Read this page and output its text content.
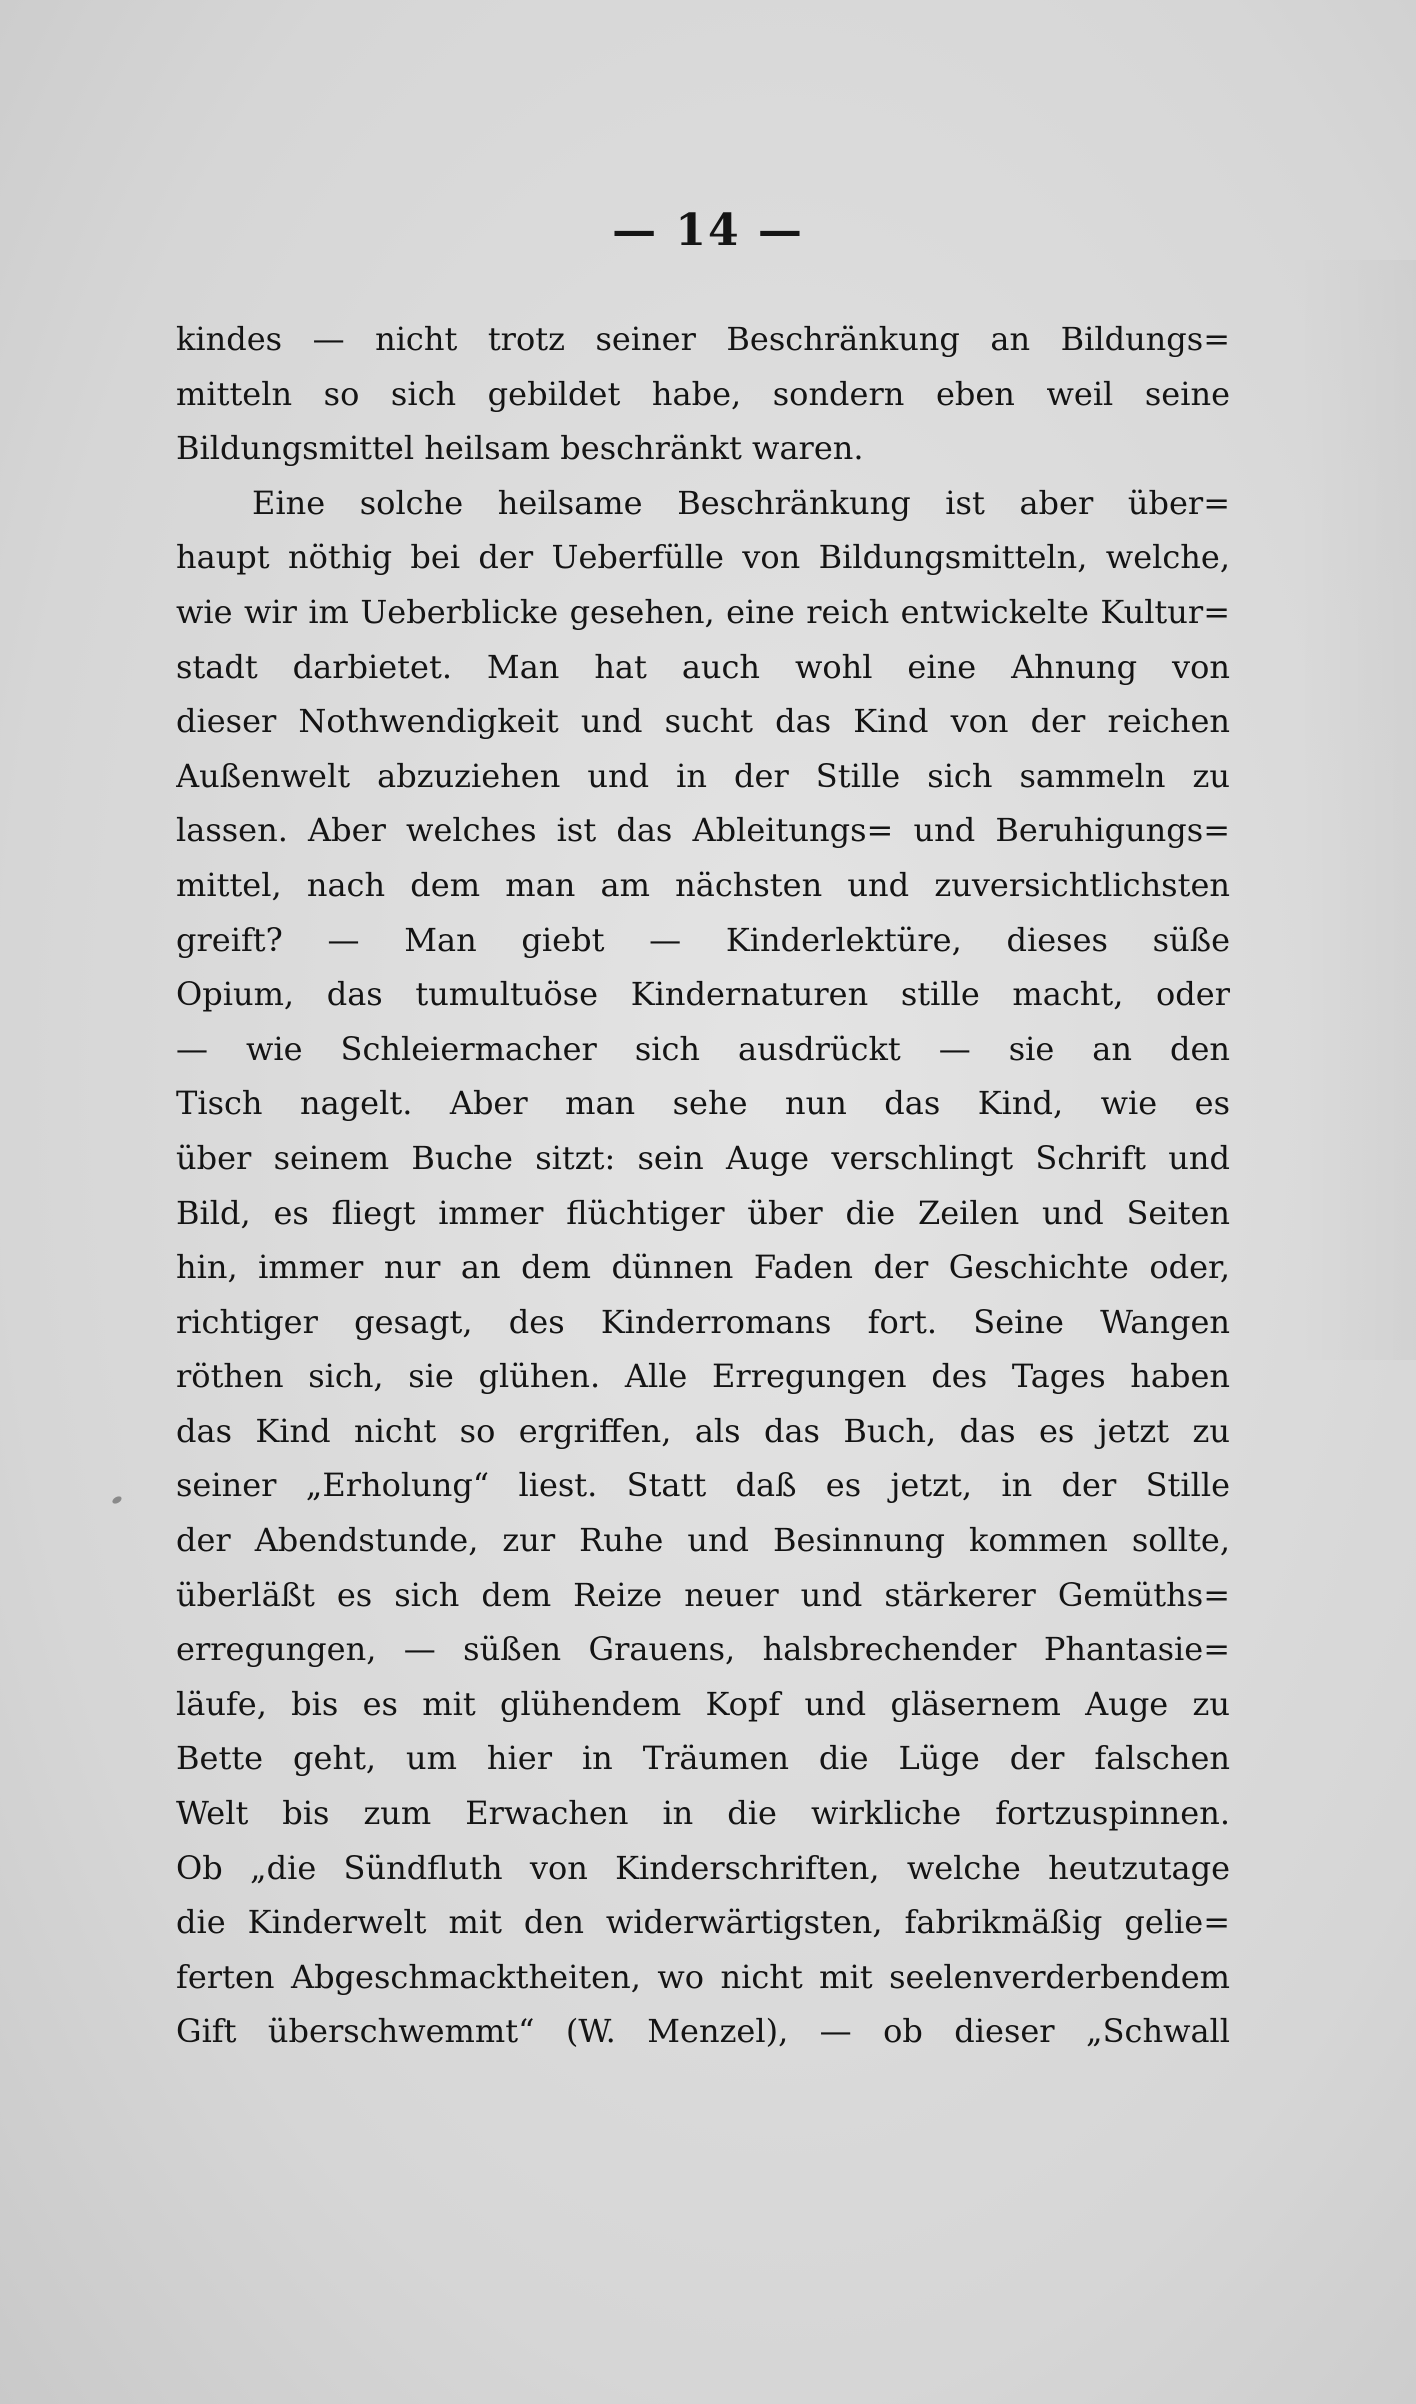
— 14 —
kindes — nicht trotz seiner Beschränkung an Bildungs=
mitteln so sich gebildet habe, sondern eben weil seine
Bildungsmittel heilsam beschränkt waren.
Eine solche heilsame Beschränkung ist aber über=
haupt nöthig bei der Ueberfülle von Bildungsmitteln, welche,
wie wir im Ueberblicke gesehen, eine reich entwickelte Kultur=
stadt darbietet. Man hat auch wohl eine Ahnung von
dieser Nothwendigkeit und sucht das Kind von der reichen
Außenwelt abzuziehen und in der Stille sich sammeln zu
lassen. Aber welches ist das Ableitungs= und Beruhigungs=
mittel, nach dem man am nächsten und zuversichtlichsten
greift? — Man giebt — Kinderlektüre, dieses süße
Opium, das tumultuöse Kindernaturen stille macht, oder
— wie Schleiermacher sich ausdrückt — sie an den
Tisch nagelt. Aber man sehe nun das Kind, wie es
über seinem Buche sitzt: sein Auge verschlingt Schrift und
Bild, es fliegt immer flüchtiger über die Zeilen und Seiten
hin, immer nur an dem dünnen Faden der Geschichte oder,
richtiger gesagt, des Kinderromans fort. Seine Wangen
röthen sich, sie glühen. Alle Erregungen des Tages haben
das Kind nicht so ergriffen, als das Buch, das es jetzt zu
seiner „Erholung“ liest. Statt daß es jetzt, in der Stille
der Abendstunde, zur Ruhe und Besinnung kommen sollte,
überläßt es sich dem Reize neuer und stärkerer Gemüths=
erregungen, — süßen Grauens, halsbrechender Phantasie=
läufe, bis es mit glühendem Kopf und gläsernem Auge zu
Bette geht, um hier in Träumen die Lüge der falschen
Welt bis zum Erwachen in die wirkliche fortzuspinnen.
Ob „die Sündfluth von Kinderschriften, welche heutzutage
die Kinderwelt mit den widerwärtigsten, fabrikmäßig gelie=
ferten Abgeschmacktheiten, wo nicht mit seelenverderbendem
Gift überschwemmt“ (W. Menzel), — ob dieser „Schwall
